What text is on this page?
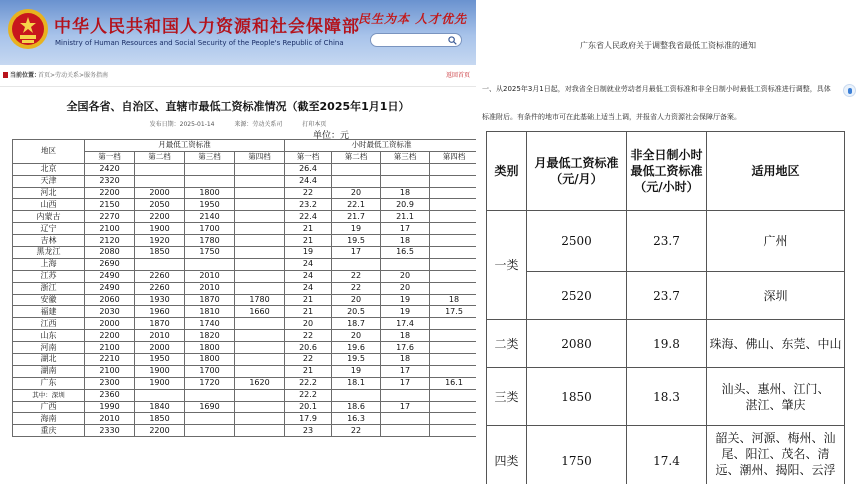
中华人民共和国人力资源和社会保障部
Ministry of Human Resources and Social Security of the People's Republic of China
民生为本 人才优先
当前位置：
首页>劳动关系>服务指南	返回首页
全国各省、自治区、直辖市最低工资标准情况（截至2025年1月1日）
发布日期：2025-01-14	来源：劳动关系司	打印本页
单位：元
地区	月最低工资标准				小时最低工资标准			
	第一档	第二档	第三档	第四档	第一档	第二档	第三档	第四档
北京	2420				26.4			
天津	2320				24.4			
河北	2200	2000	1800		22	20	18	
山西	2150	2050	1950		23.2	22.1	20.9	
内蒙古	2270	2200	2140		22.4	21.7	21.1	
辽宁	2100	1900	1700		21	19	17	
吉林	2120	1920	1780		21	19.5	18	
黑龙江	2080	1850	1750		19	17	16.5	
上海	2690				24			
江苏	2490	2260	2010		24	22	20	
浙江	2490	2260	2010		24	22	20	
安徽	2060	1930	1870	1780	21	20	19	18
福建	2030	1960	1810	1660	21	20.5	19	17.5
江西	2000	1870	1740		20	18.7	17.4	
山东	2200	2010	1820		22	20	18	
河南	2100	2000	1800		20.6	19.6	17.6	
湖北	2210	1950	1800		22	19.5	18	
湖南	2100	1900	1700		21	19	17	
广东	2300	1900	1720	1620	22.2	18.1	17	16.1
其中：深圳	2360				22.2			
广西	1990	1840	1690		20.1	18.6	17	
海南	2010	1850			17.9	16.3		
重庆	2330	2200			23	22		
广东省人民政府关于调整我省最低工资标准的通知
一、从2025年3月1日起，对我省全日制就业劳动者月最低工资标准和非全日制小时最低工资标准进行调整，具体
标准附后。有条件的地市可在此基础上适当上调，并报省人力资源社会保障厅备案。
类别	月最低工资标准（元/月）	非全日制小时最低工资标准（元/小时）	适用地区
一类	2500	23.7	广州
	2520	23.7	深圳
二类	2080	19.8	珠海、佛山、东莞、中山
三类	1850	18.3	汕头、惠州、江门、湛江、肇庆
四类	1750	17.4	韶关、河源、梅州、汕尾、阳江、茂名、清远、潮州、揭阳、云浮
